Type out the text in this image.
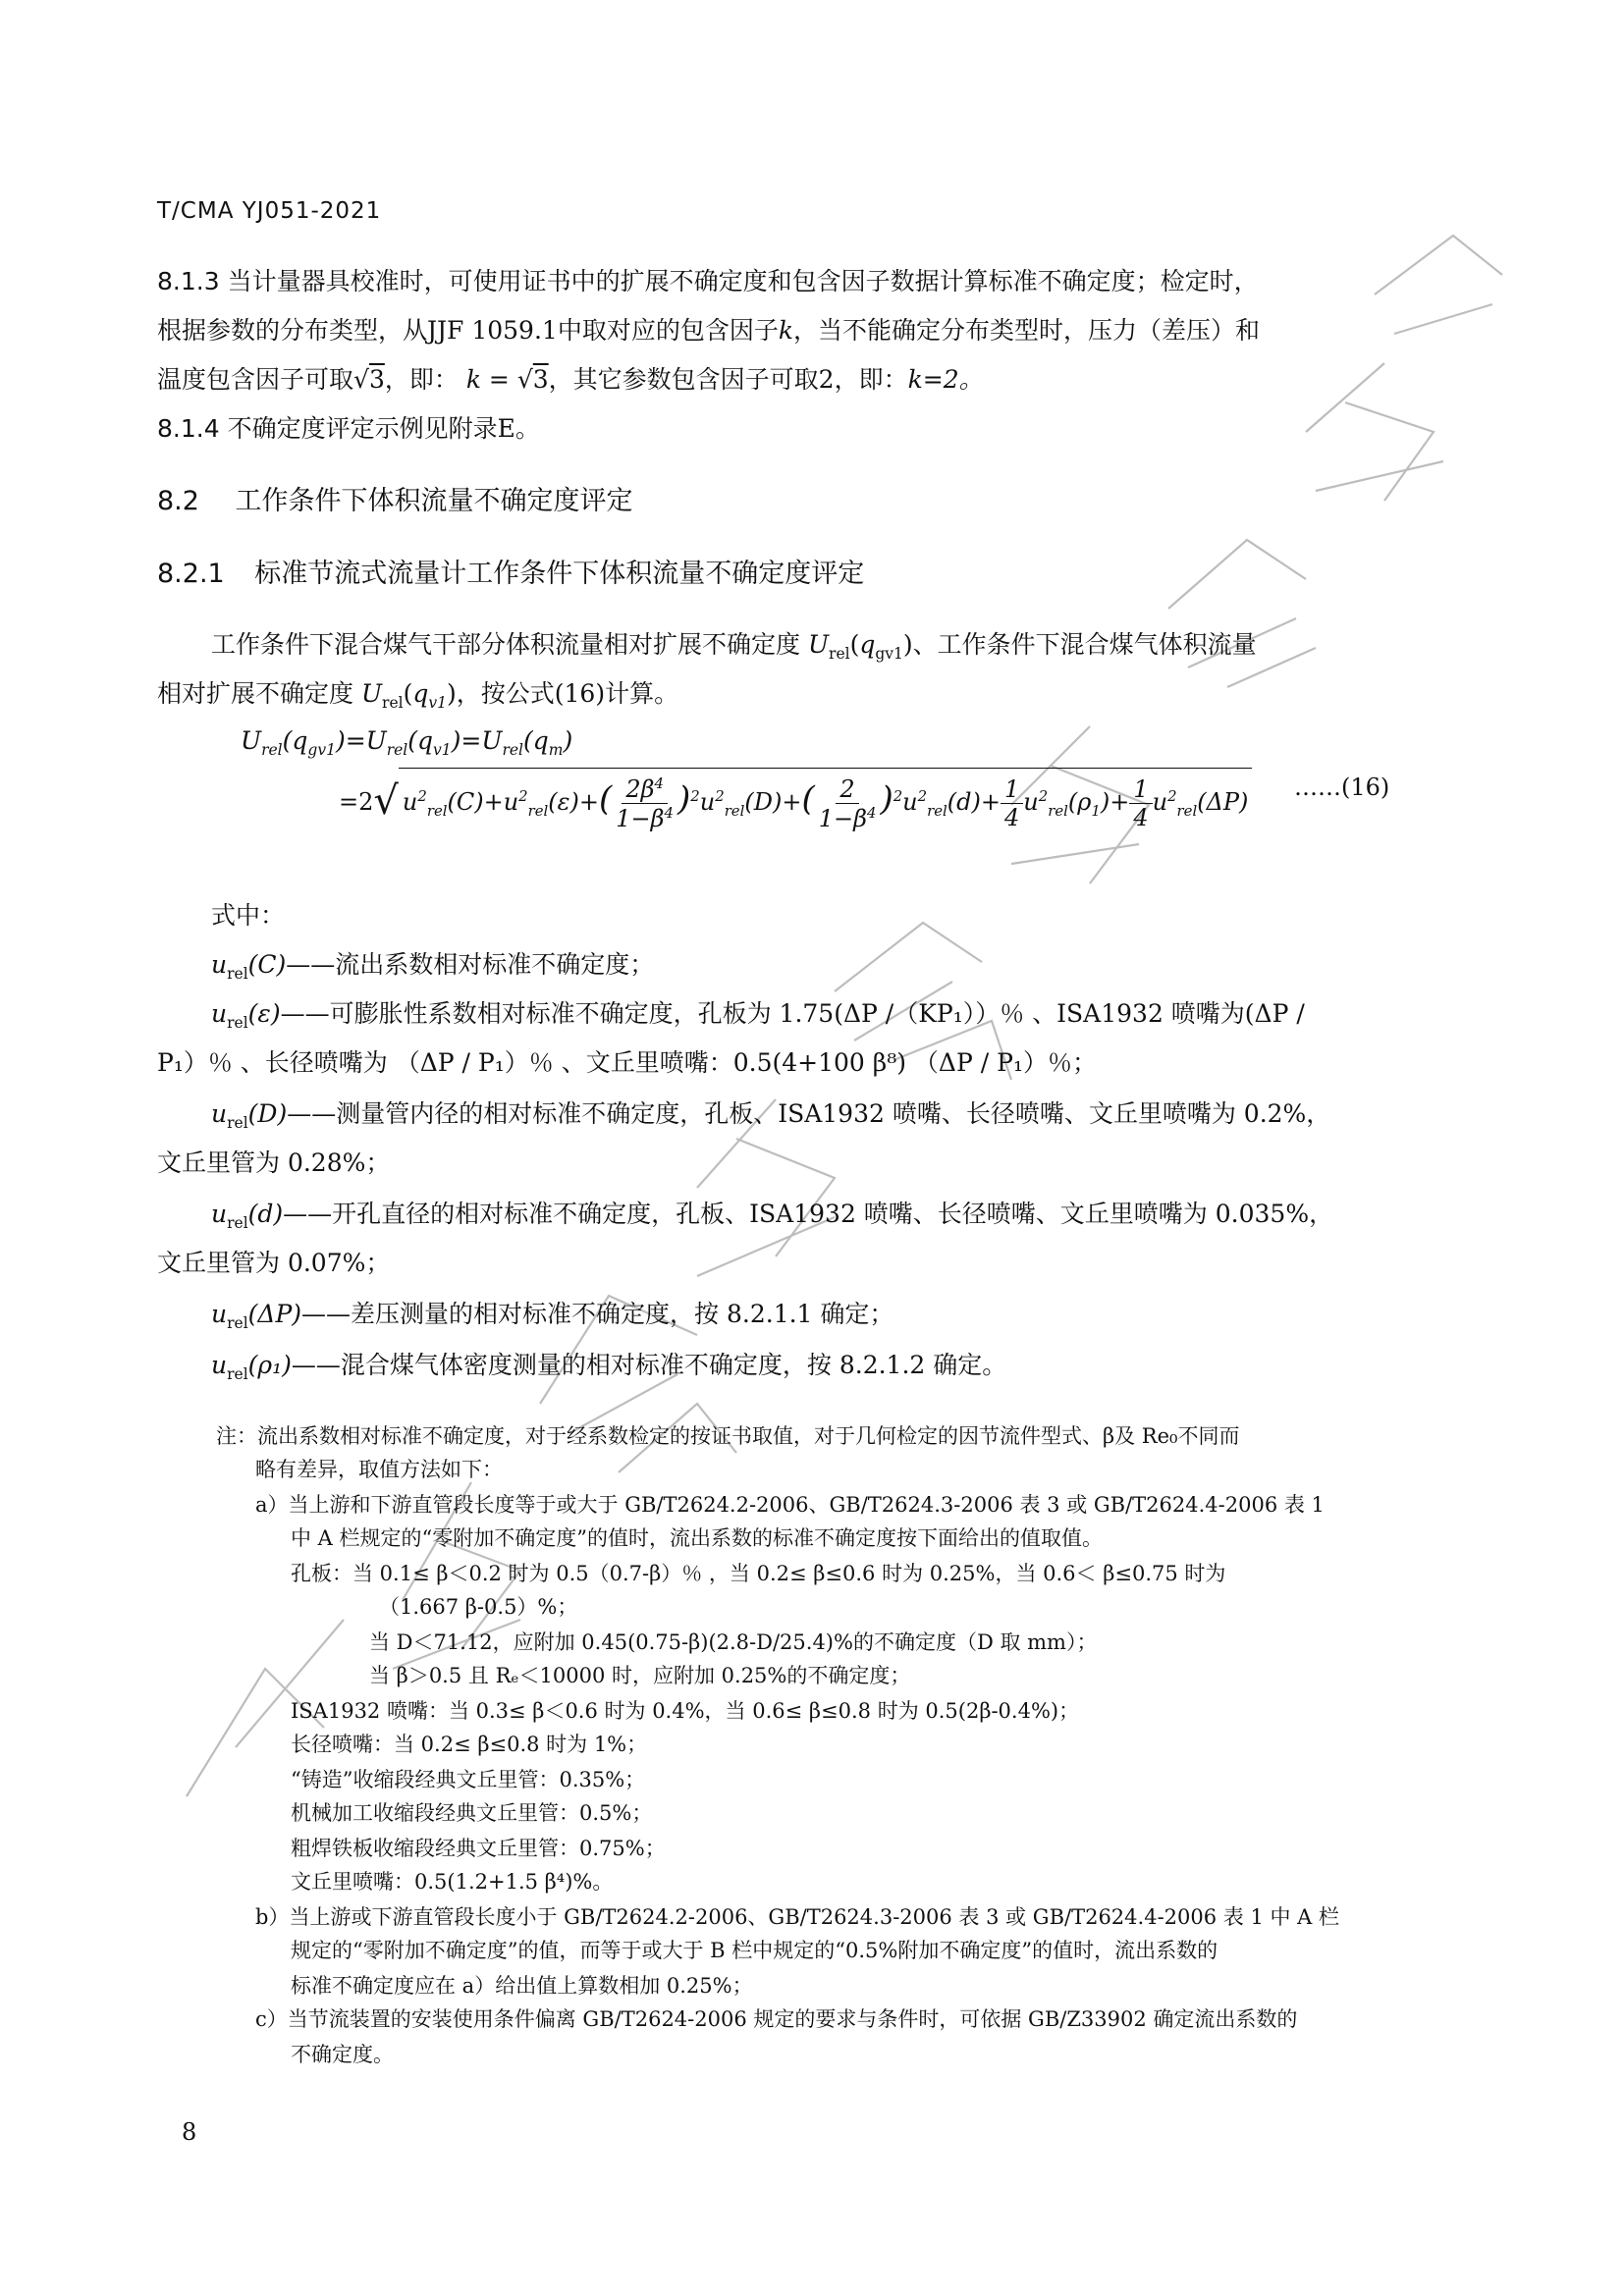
T/CMA YJ051-2021
8.1.3 当计量器具校准时，可使用证书中的扩展不确定度和包含因子数据计算标准不确定度；检定时，
根据参数的分布类型，从JJF 1059.1中取对应的包含因子k，当不能确定分布类型时，压力（差压）和
温度包含因子可取√3，即： k = √3，其它参数包含因子可取2，即：k=2。
8.1.4 不确定度评定示例见附录E。
8.2 工作条件下体积流量不确定度评定
8.2.1 标准节流式流量计工作条件下体积流量不确定度评定
工作条件下混合煤气干部分体积流量相对扩展不确定度 $U_{rel}(q_{gv1})$、工作条件下混合煤气体积流量
相对扩展不确定度 $U_{rel}(q_{v1})$，按公式(16)计算。
$U_{rel}(q_{gv1})=U_{rel}(q_{v1})=U_{rel}(q_m)$
=2√ $u^2_{rel}(C)+u^2_{rel}(\varepsilon)+( \frac{2\beta^4}{1-\beta^4} )^2u^2_{rel}(D)+( \frac{2}{1-\beta^4} )^2u^2_{rel}(d)+ \frac{1}{4} u^2_{rel}(\rho_1)+ \frac{1}{4} u^2_{rel}(\Delta P)$
……(16)
式中：
$u_{rel}(C)——$流出系数相对标准不确定度；
$u_{rel}(\varepsilon)——$可膨胀性系数相对标准不确定度，孔板为 1.75(ΔP /（KP₁））％ 、ISA1932 喷嘴为(ΔP /
P₁）％ 、长径喷嘴为 （ΔP / P₁）％ 、文丘里喷嘴：0.5(4+100 β⁸) （ΔP / P₁）％；
$u_{rel}(D)——$测量管内径的相对标准不确定度，孔板、ISA1932 喷嘴、长径喷嘴、文丘里喷嘴为 0.2%，
文丘里管为 0.28%；
$u_{rel}(d)——$开孔直径的相对标准不确定度，孔板、ISA1932 喷嘴、长径喷嘴、文丘里喷嘴为 0.035%，
文丘里管为 0.07%；
$u_{rel}(\Delta P)——$差压测量的相对标准不确定度，按 8.2.1.1 确定；
$u_{rel}(\rho_1)——$混合煤气体密度测量的相对标准不确定度，按 8.2.1.2 确定。
注：流出系数相对标准不确定度，对于经系数检定的按证书取值，对于几何检定的因节流件型式、β及 Re₀不同而
略有差异，取值方法如下：
a）当上游和下游直管段长度等于或大于 GB/T2624.2-2006、GB/T2624.3-2006 表 3 或 GB/T2624.4-2006 表 1
中 A 栏规定的“零附加不确定度”的值时，流出系数的标准不确定度按下面给出的值取值。
孔板：当 0.1≤ β＜0.2 时为 0.5（0.7-β）％ ，当 0.2≤ β≤0.6 时为 0.25%，当 0.6＜ β≤0.75 时为
（1.667 β-0.5）%；
当 D＜71.12，应附加 0.45(0.75-β)(2.8-D/25.4)%的不确定度（D 取 mm）；
当 β＞0.5 且 Rₑ＜10000 时，应附加 0.25%的不确定度；
ISA1932 喷嘴：当 0.3≤ β＜0.6 时为 0.4%，当 0.6≤ β≤0.8 时为 0.5(2β-0.4%)；
长径喷嘴：当 0.2≤ β≤0.8 时为 1%；
“铸造”收缩段经典文丘里管：0.35%；
机械加工收缩段经典文丘里管：0.5%；
粗焊铁板收缩段经典文丘里管：0.75%；
文丘里喷嘴：0.5(1.2+1.5 β⁴)%。
b）当上游或下游直管段长度小于 GB/T2624.2-2006、GB/T2624.3-2006 表 3 或 GB/T2624.4-2006 表 1 中 A 栏
规定的“零附加不确定度”的值，而等于或大于 B 栏中规定的“0.5%附加不确定度”的值时，流出系数的
标准不确定度应在 a）给出值上算数相加 0.25%；
c）当节流装置的安装使用条件偏离 GB/T2624-2006 规定的要求与条件时，可依据 GB/Z33902 确定流出系数的
不确定度。
8
